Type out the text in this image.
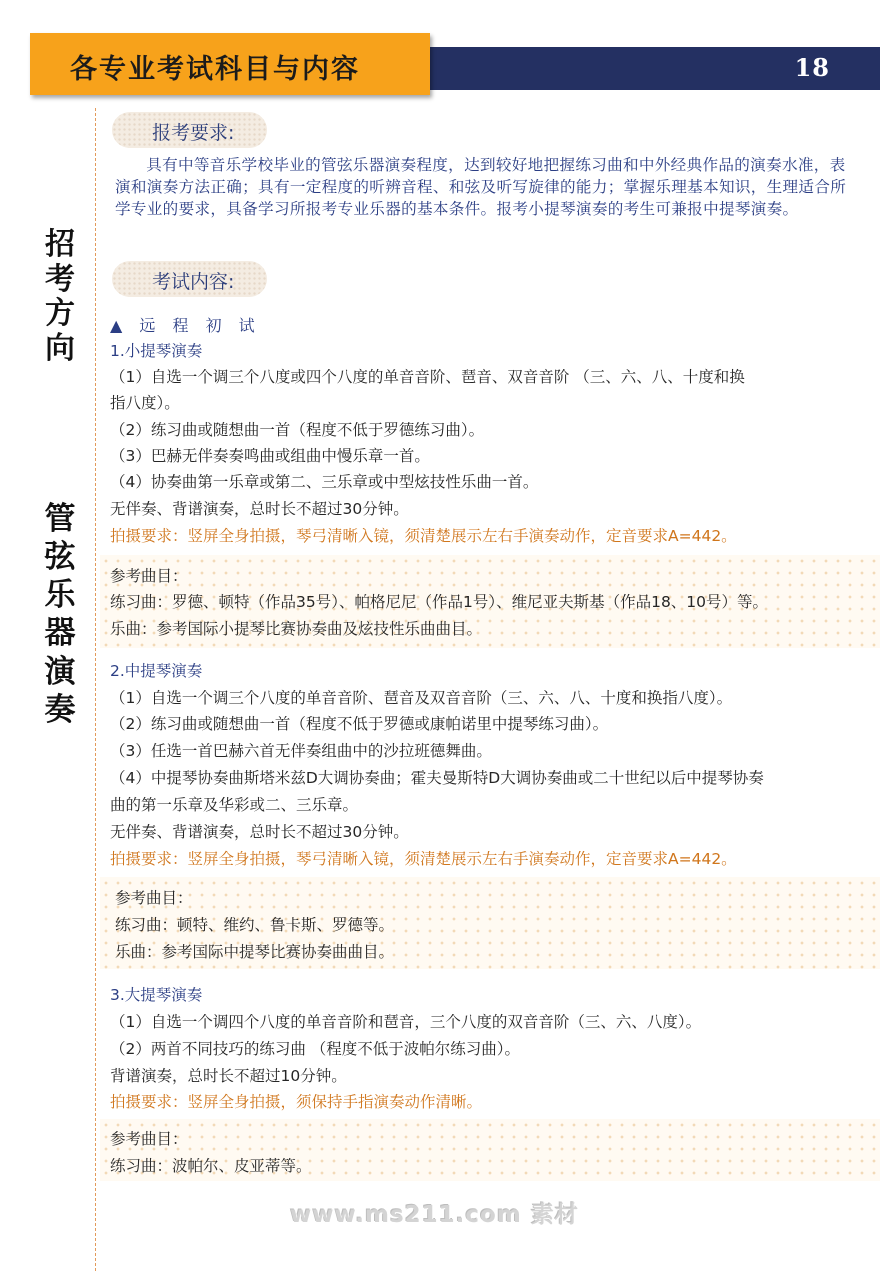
18
各专业考试科目与内容
招
考
方
向
管
弦
乐
器
演
奏
报考要求:
具有中等音乐学校毕业的管弦乐器演奏程度，达到较好地把握练习曲和中外经典作品的演奏水准，表演和演奏方法正确；具有一定程度的听辨音程、和弦及听写旋律的能力；掌握乐理基本知识，生理适合所学专业的要求，具备学习所报考专业乐器的基本条件。报考小提琴演奏的考生可兼报中提琴演奏。
考试内容:
▲ 远 程 初 试
1.小提琴演奏
（1）自选一个调三个八度或四个八度的单音音阶、琶音、双音音阶 （三、六、八、十度和换
指八度）。
（2）练习曲或随想曲一首（程度不低于罗德练习曲）。
（3）巴赫无伴奏奏鸣曲或组曲中慢乐章一首。
（4）协奏曲第一乐章或第二、三乐章或中型炫技性乐曲一首。
无伴奏、背谱演奏，总时长不超过30分钟。
拍摄要求：竖屏全身拍摄，琴弓清晰入镜，须清楚展示左右手演奏动作，定音要求A=442。
参考曲目：
练习曲：罗德、顿特（作品35号）、帕格尼尼（作品1号）、维尼亚夫斯基（作品18、10号）等。
乐曲：参考国际小提琴比赛协奏曲及炫技性乐曲曲目。
2.中提琴演奏
（1）自选一个调三个八度的单音音阶、琶音及双音音阶（三、六、八、十度和换指八度）。
（2）练习曲或随想曲一首（程度不低于罗德或康帕诺里中提琴练习曲）。
（3）任选一首巴赫六首无伴奏组曲中的沙拉班德舞曲。
（4）中提琴协奏曲斯塔米兹D大调协奏曲；霍夫曼斯特D大调协奏曲或二十世纪以后中提琴协奏
曲的第一乐章及华彩或二、三乐章。
无伴奏、背谱演奏，总时长不超过30分钟。
拍摄要求：竖屏全身拍摄，琴弓清晰入镜，须清楚展示左右手演奏动作，定音要求A=442。
参考曲目：
练习曲：顿特、维约、鲁卡斯、罗德等。
乐曲：参考国际中提琴比赛协奏曲曲目。
3.大提琴演奏
（1）自选一个调四个八度的单音音阶和琶音，三个八度的双音音阶（三、六、八度）。
（2）两首不同技巧的练习曲 （程度不低于波帕尔练习曲）。
背谱演奏，总时长不超过10分钟。
拍摄要求：竖屏全身拍摄，须保持手指演奏动作清晰。
参考曲目：
练习曲：波帕尔、皮亚蒂等。
www.ms211.com 素材
